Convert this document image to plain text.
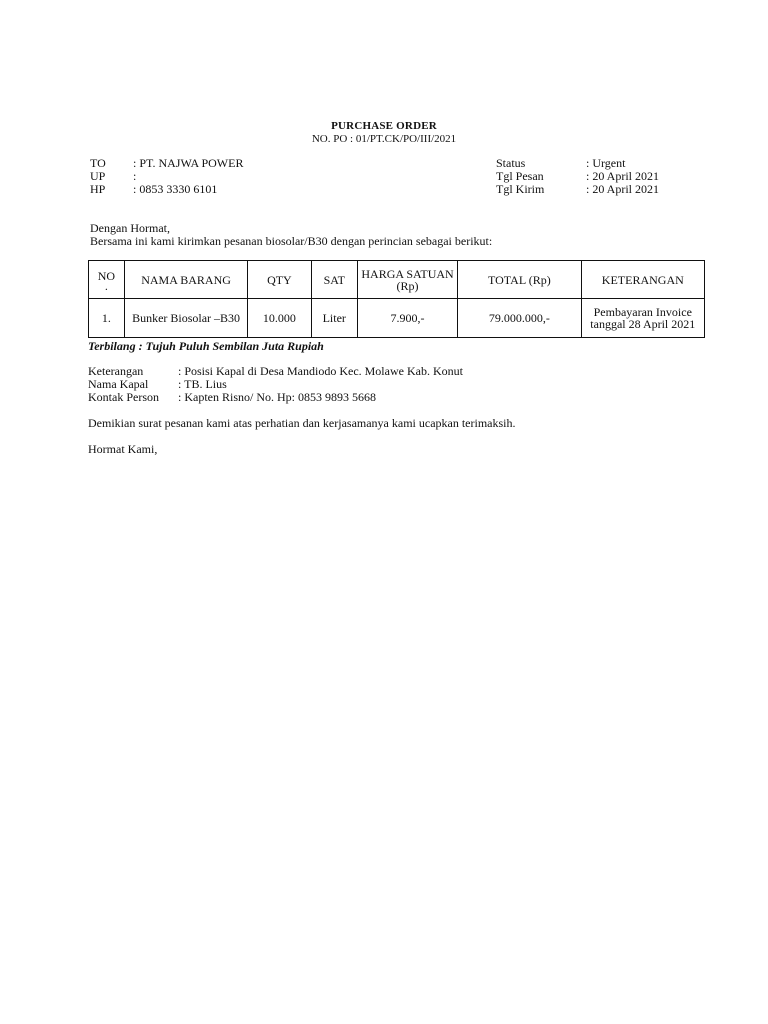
PURCHASE ORDER
NO. PO : 01/PT.CK/PO/III/2021
TO : PT. NAJWA POWER
UP :
HP : 0853 3330 6101
Status	: Urgent
Tgl Pesan	: 20 April 2021
Tgl Kirim	: 20 April 2021
Dengan Hormat,
Bersama ini kami kirimkan pesanan biosolar/B30 dengan perincian sebagai berikut:
NO
.	NAMA BARANG	QTY	SAT	HARGA SATUAN (Rp)	TOTAL (Rp)	KETERANGAN
1.	Bunker Biosolar –B30	10.000	Liter	7.900,-	79.000.000,-	Pembayaran Invoice tanggal 28 April 2021
Terbilang : Tujuh Puluh Sembilan Juta Rupiah
Keterangan	: Posisi Kapal di Desa Mandiodo Kec. Molawe Kab. Konut
Nama Kapal : TB. Lius
Kontak Person : Kapten Risno/ No. Hp: 0853 9893 5668
Demikian surat pesanan kami atas perhatian dan kerjasamanya kami ucapkan terimaksih.
Hormat Kami,
